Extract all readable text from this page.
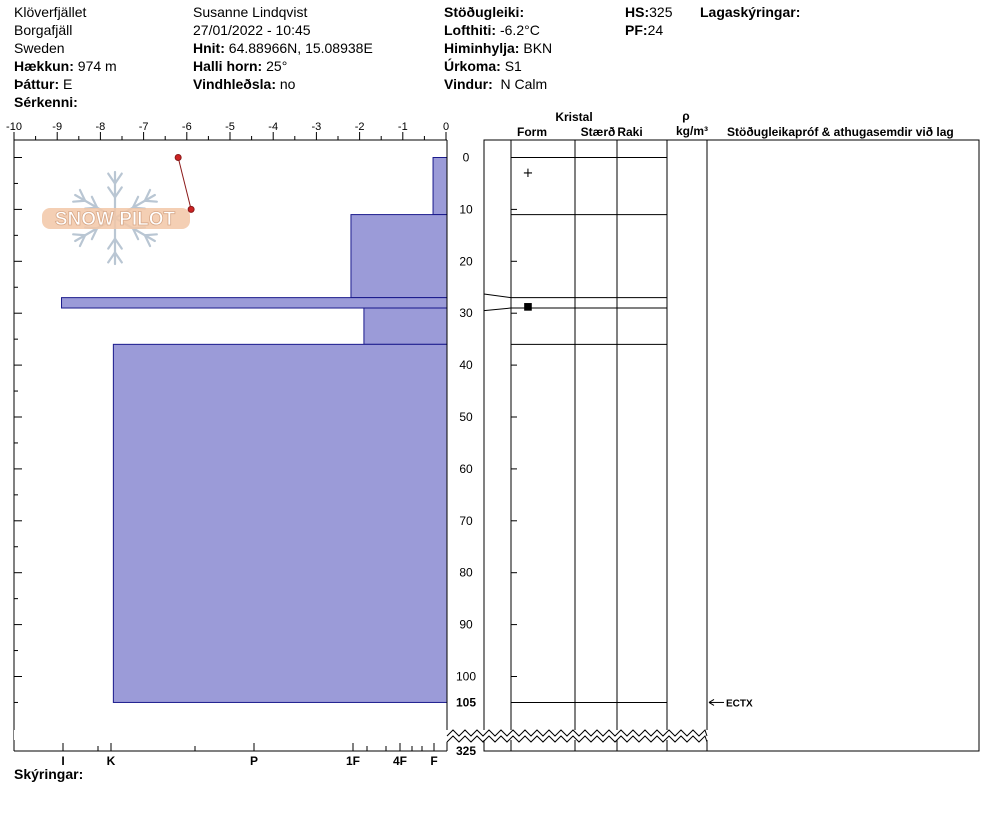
Klöverfjället
Borgafjäll
Sweden
Hækkun: 974 m
Þáttur: E
Sérkenni:
Susanne Lindqvist
27/01/2022 - 10:45
Hnit: 64.88966N, 15.08938E
Halli horn: 25°
Vindhleðsla: no
Stöðugleiki:
Lofthiti: -6.2°C
Himinhylja: BKN
Úrkoma: S1
Vindur: N Calm
HS:325
PF:24
Lagaskýringar:
SNOW PILOT
-10	-9	-8	-7	-6	-5	-4	-3	-2	-1	0
0
10
20
30
40
50
60
70
80
90
100
105
325
I	K	P	1F	4F F
Kristal
Form	Stærð Raki
ρ
kg/m³ Stöðugleikapróf & athugasemdir við lag
+
■
ECTX
Skýringar:
